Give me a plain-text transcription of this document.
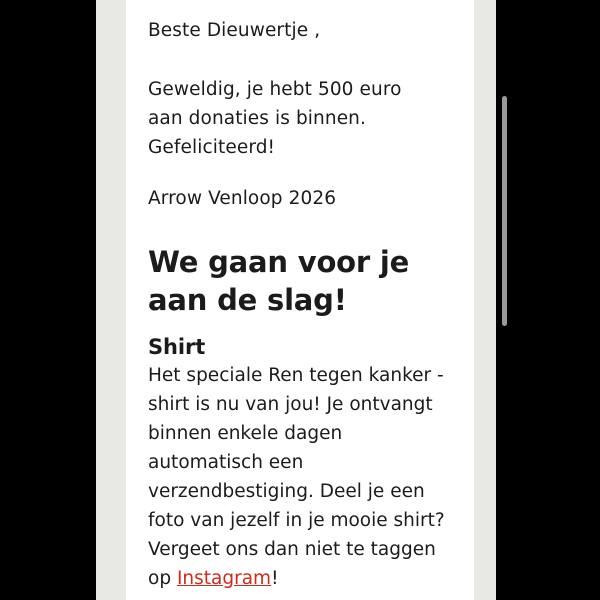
Beste Dieuwertje ,

Geweldig, je hebt 500 euro

aan donaties is binnen.

Gefeliciteerd!

Arrow Venloop 2026

We gaan voor je aan de slag!
Shirt

Het speciale Ren tegen kanker - shirt is nu van jou! Je ontvangt binnen enkele dagen automatisch een verzendbestiging. Deel je een foto van jezelf in je mooie shirt? Vergeet ons dan niet te taggen op Instagram!
